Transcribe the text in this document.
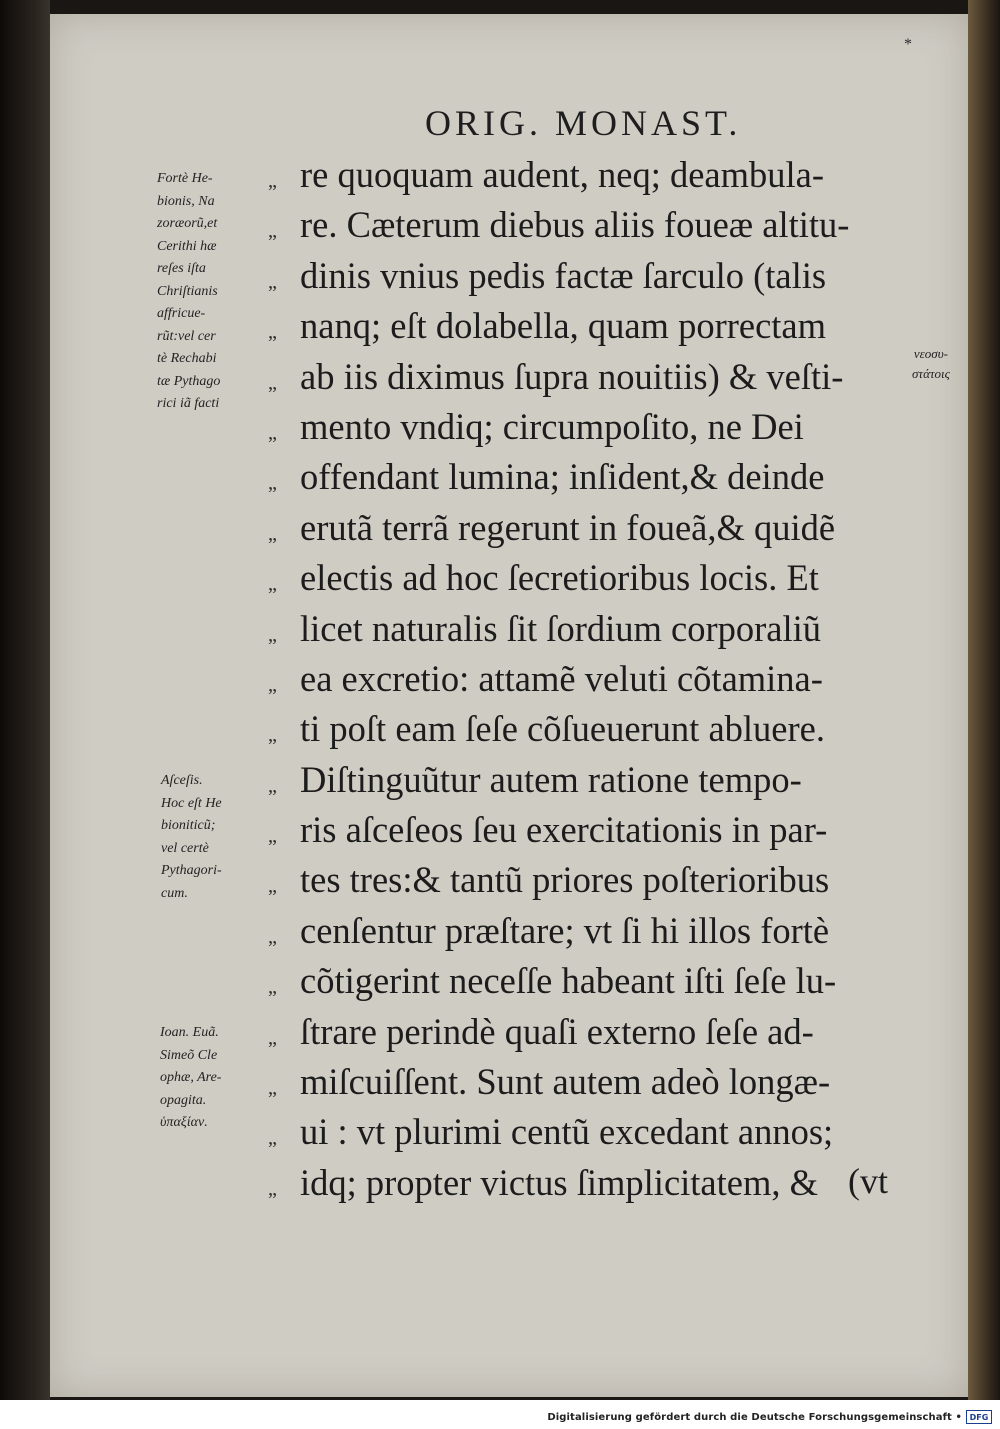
*
ORIG. MONAST.
„ re quoquam audent, neq; deambula-
„ re. Cæterum diebus aliis foueæ altitu-
„ dinis vnius pedis factæ ſarculo (talis
„ nanq; eſt dolabella, quam porrectam
„ ab iis diximus ſupra nouitiis) & veſti-
„ mento vndiq; circumpoſito, ne Dei
„ offendant lumina; inſident,& deinde
„ erutã terrã regerunt in foueã,& quidẽ
„ electis ad hoc ſecretioribus locis. Et
„ licet naturalis ſit ſordium corporaliũ
„ ea excretio: attamẽ veluti cõtamina-
„ ti poſt eam ſeſe cõſueuerunt abluere.
„ Diſtinguũtur autem ratione tempo-
„ ris aſceſeos ſeu exercitationis in par-
„ tes tres:& tantũ priores poſterioribus
„ cenſentur præſtare; vt ſi hi illos fortè
„ cõtigerint neceſſe habeant iſti ſeſe lu-
„ ſtrare perindè quaſi externo ſeſe ad-
„ miſcuiſſent. Sunt autem adeò longæ-
„ ui : vt plurimi centũ excedant annos;
„ idq; propter victus ſimplicitatem, &
Fortè He-
bionis, Na
zoræorũ,et
Cerithi hæ
reſes iſta
Chriſtianis
affricue-
rũt:vel cer
tè Rechabi
tæ Pythago
rici iã facti
Aſceſis.
Hoc eſt He
bioniticũ;
vel certè
Pythagori-
cum.
Ioan. Euã.
Simeõ Cle
ophæ, Are-
opagita.
ὑπαξίαν.
νεοσυ-
στάτοις
(vt
Digitalisierung gefördert durch die Deutsche Forschungsgemeinschaft • DFG
